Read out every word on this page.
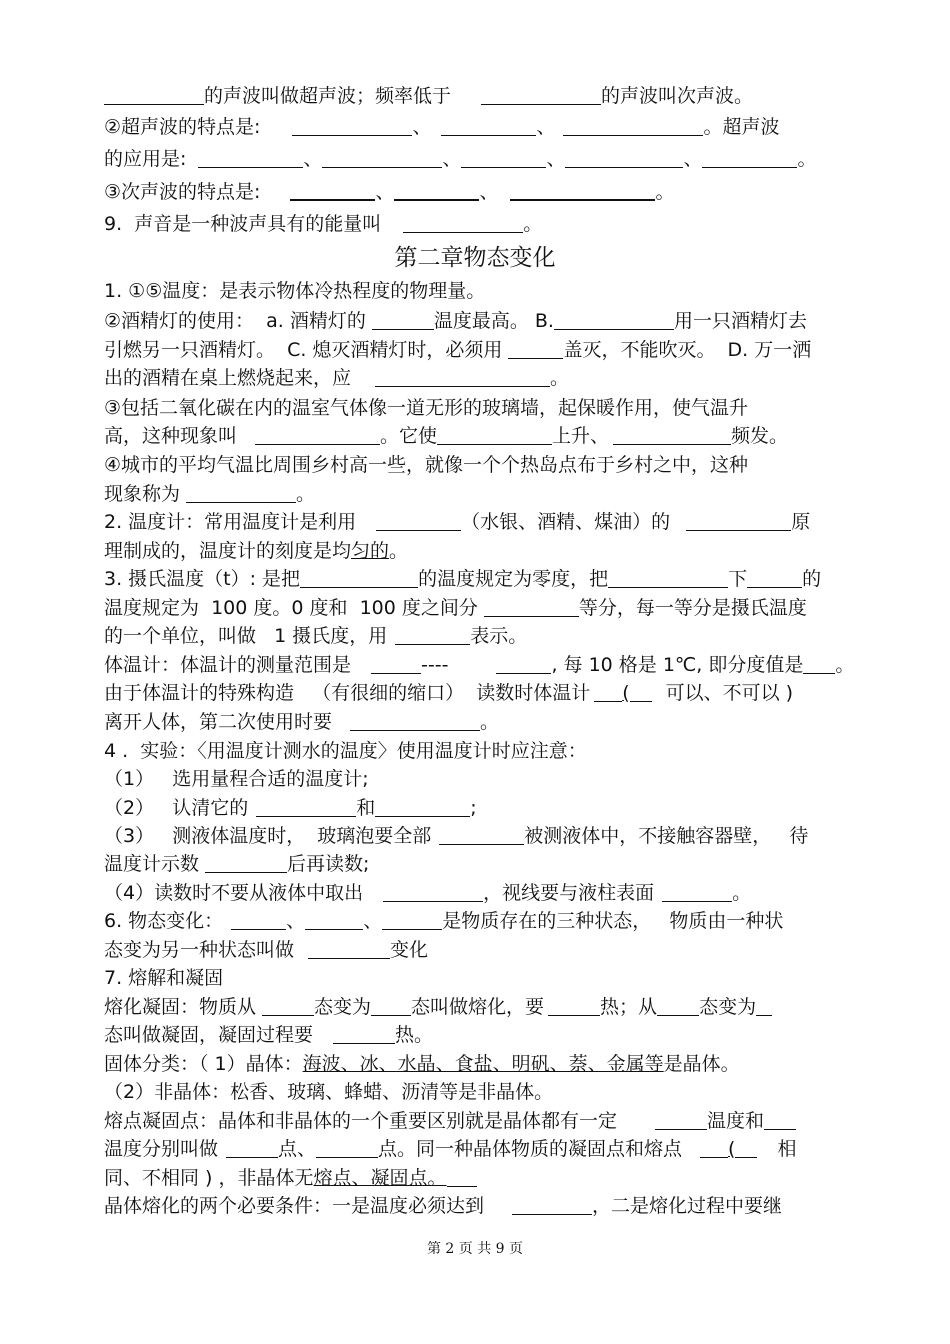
的声波叫做超声波；频率低于	的声波叫次声波。
②超声波的特点是:	、	、	。超声波
的应用是:	、	、	、	、	。
③次声波的特点是:	、	、	。
9.  声音是一种波声具有的能量叫	。
第二章物态变化
1. ①⑤温度：是表示物体冷热程度的物理量。
②酒精灯的使用：  a. 酒精灯的	温度最高。 B.	用一只酒精灯去
引燃另一只酒精灯。  C. 熄灭酒精灯时，必须用	盖灭，不能吹灭。  D. 万一洒
出的酒精在桌上燃烧起来，应	。
③包括二氧化碳在内的温室气体像一道无形的玻璃墙，起保暖作用，使气温升
高，这种现象叫	。它使	上升、	频发。
④城市的平均气温比周围乡村高一些，就像一个个热岛点布于乡村之中，这种
现象称为	。
2. 温度计：常用温度计是利用	（水银、酒精、煤油）的	原
理制成的，温度计的刻度是均匀的。
3. 摄氏温度（t）: 是把	的温度规定为零度，把	下	的
温度规定为  100 度。0 度和  100 度之间分	等分，每一等分是摄氏温度
的一个单位，叫做   1 摄氏度，用	表示。
体温计：体温计的测量范围是	----	, 每 10 格是 1℃, 即分度值是 。
由于体温计的特殊构造   （有很细的缩口）  读数时体温计 ( 可以、不可以 )
离开人体，第二次使用时要	。
4 .  实验：〈用温度计测水的温度〉使用温度计时应注意：
（1）   选用量程合适的温度计;
（2）   认清它的	和	;
（3）   测液体温度时，  玻璃泡要全部	被测液体中，不接触容器壁，   待
温度计示数	后再读数;
（4）读数时不要从液体中取出	，视线要与液柱表面	。
6. 物态变化：	、	、	是物质存在的三种状态，   物质由一种状
态变为另一种状态叫做	变化
7. 熔解和凝固
熔化凝固：物质从	态变为 态叫做熔化，要	热；从 态变为
态叫做凝固，凝固过程要	热。
固体分类：（ 1）晶体：海波、冰、水晶、食盐、明矾、萘、金属等是晶体。
（2）非晶体：松香、玻璃、蜂蜡、沥清等是非晶体。
熔点凝固点：晶体和非晶体的一个重要区别就是晶体都有一定	温度和
温度分别叫做	点、	点。同一种晶体物质的凝固点和熔点 ( 相
同、不相同 ) ，非晶体无熔点、凝固点。
晶体熔化的两个必要条件：一是温度必须达到	，二是熔化过程中要继
第 2 页 共 9 页
